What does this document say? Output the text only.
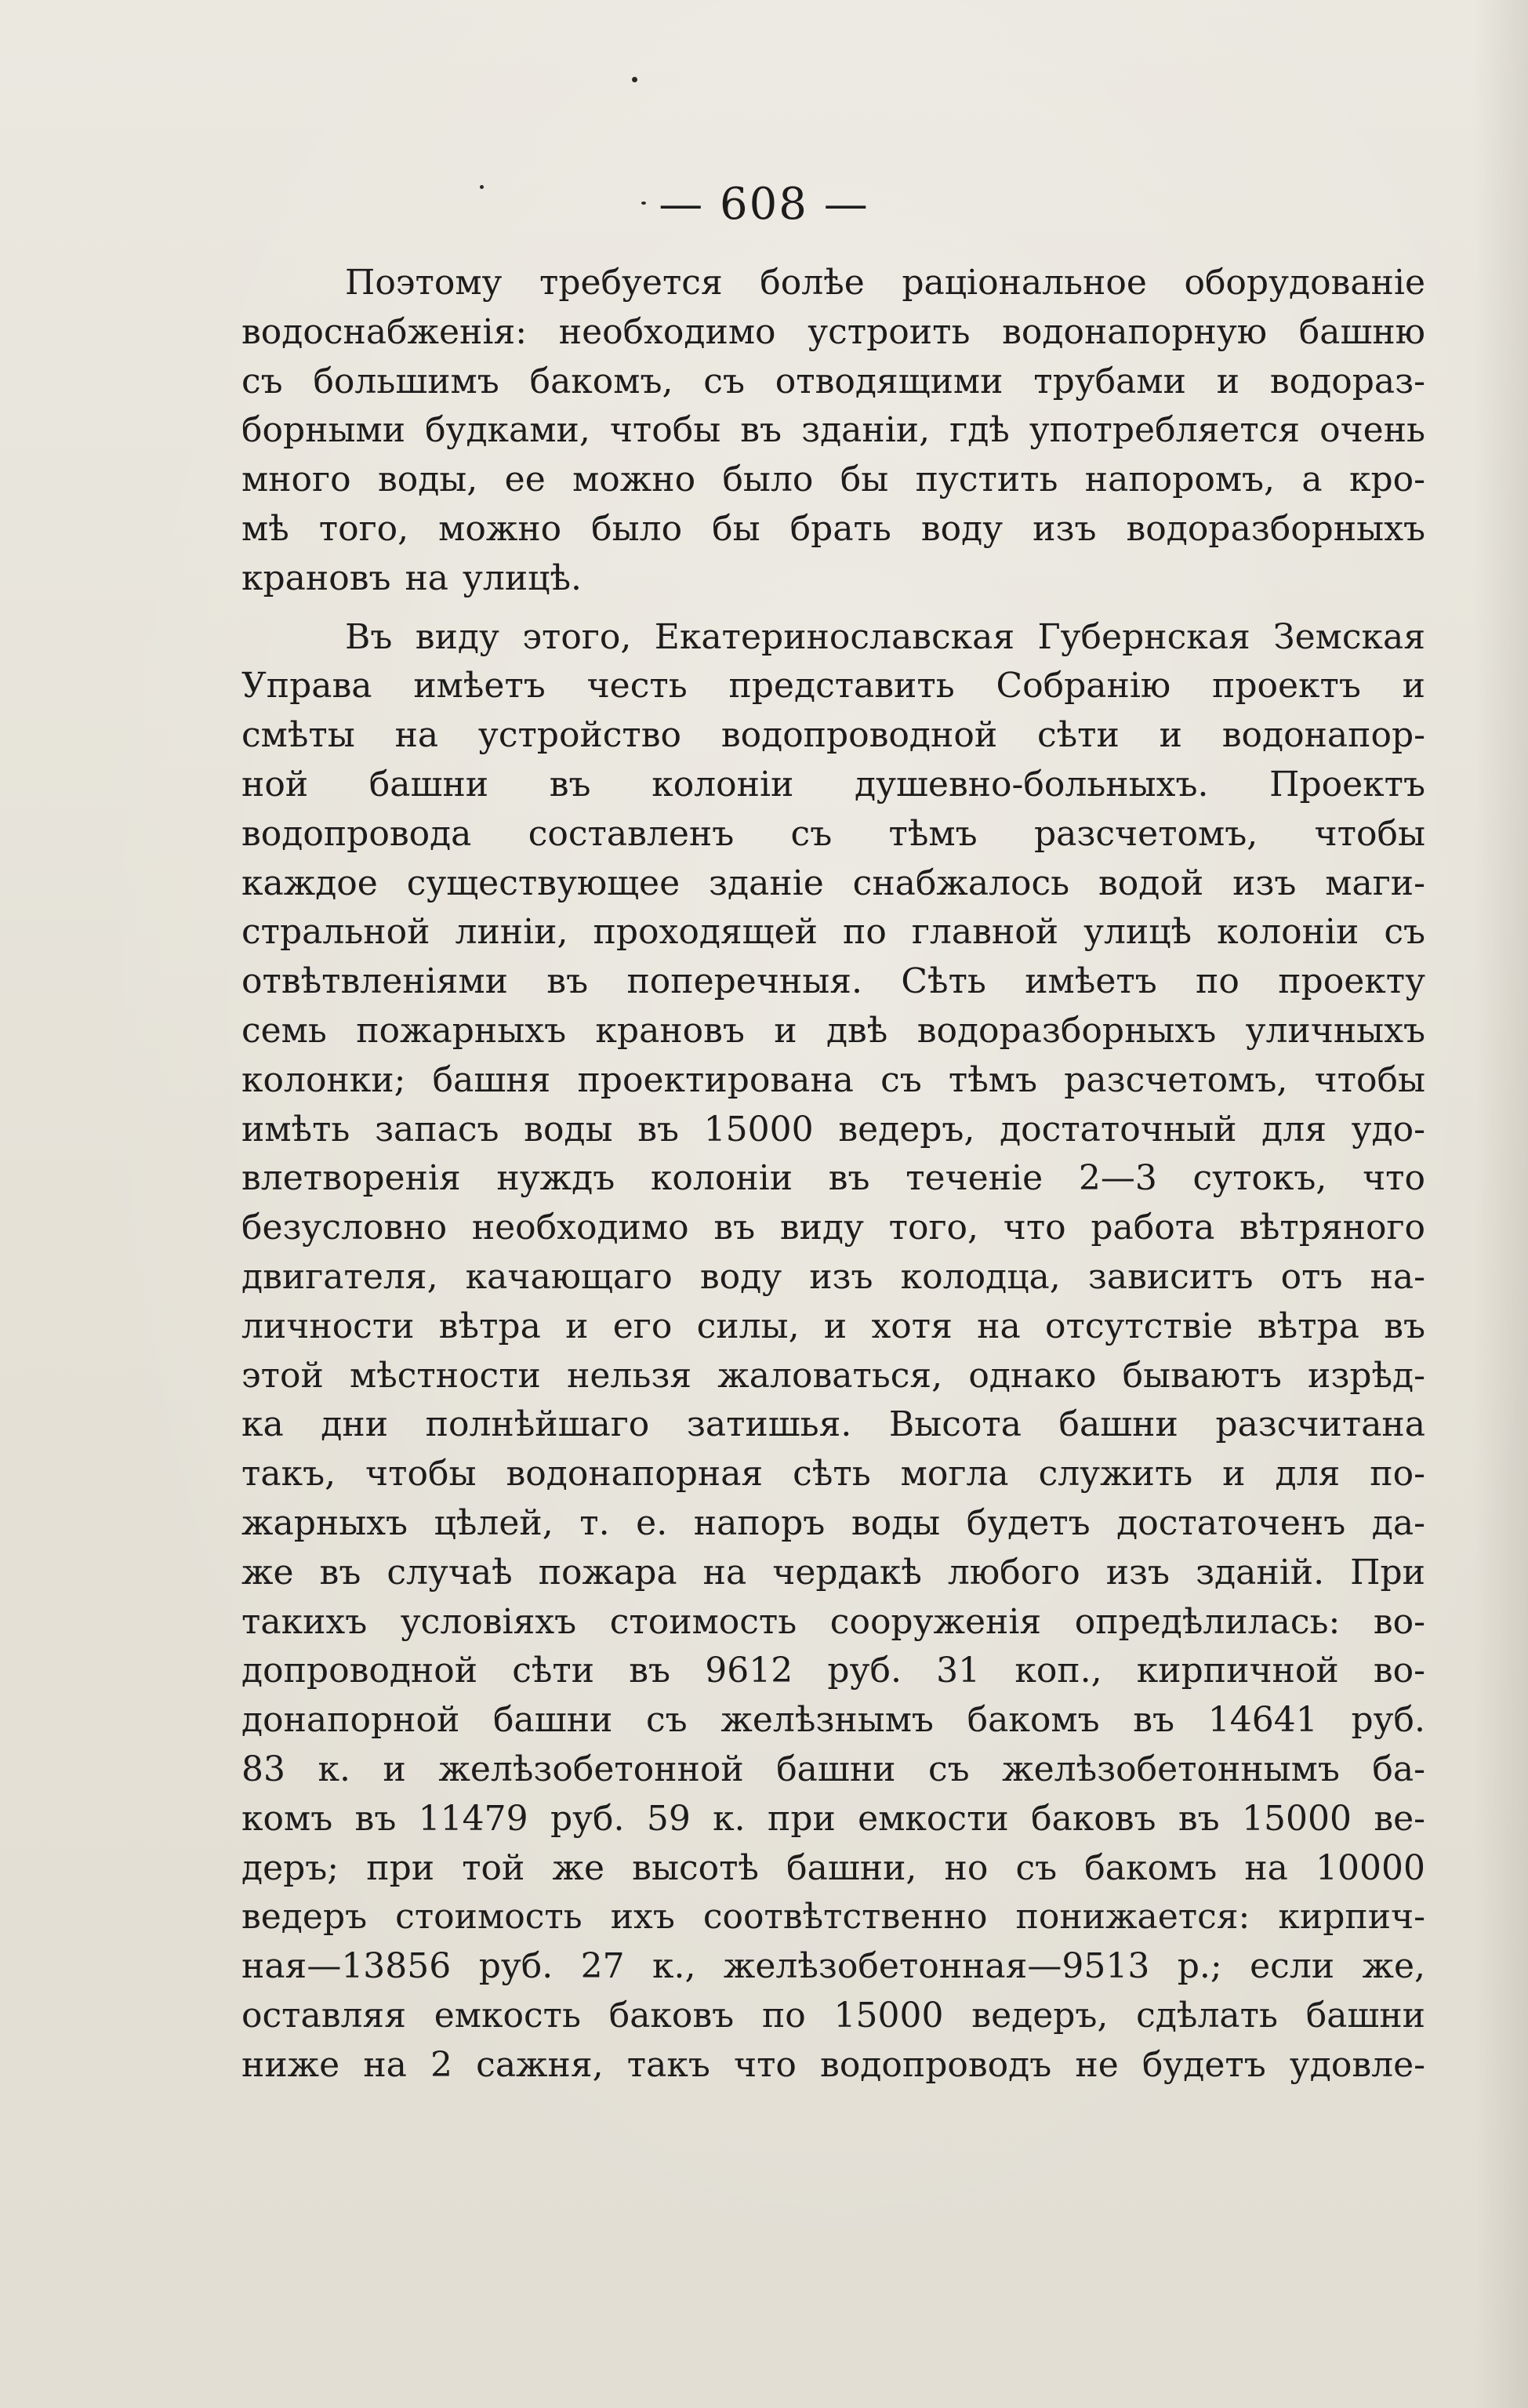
— 608 —

Поэтому требуется болѣе раціональное оборудованіе
водоснабженія: необходимо устроить водонапорную башню
съ большимъ бакомъ, съ отводящими трубами и водораз-
борными будками, чтобы въ зданіи, гдѣ употребляется очень
много воды, ее можно было бы пустить напоромъ, а кро-
мѣ того, можно было бы брать воду изъ водоразборныхъ
крановъ на улицѣ.

Въ виду этого, Екатеринославская Губернская Земская
Управа имѣетъ честь представить Собранію проектъ и
смѣты на устройство водопроводной сѣти и водонапор-
ной башни въ колоніи душевно-больныхъ. Проектъ
водопровода составленъ съ тѣмъ разсчетомъ, чтобы
каждое существующее зданіе снабжалось водой изъ маги-
стральной линіи, проходящей по главной улицѣ колоніи съ
отвѣтвленіями въ поперечныя. Сѣть имѣетъ по проекту
семь пожарныхъ крановъ и двѣ водоразборныхъ уличныхъ
колонки; башня проектирована съ тѣмъ разсчетомъ, чтобы
имѣть запасъ воды въ 15000 ведеръ, достаточный для удо-
влетворенія нуждъ колоніи въ теченіе 2—3 сутокъ, что
безусловно необходимо въ виду того, что работа вѣтряного
двигателя, качающаго воду изъ колодца, зависитъ отъ на-
личности вѣтра и его силы, и хотя на отсутствіе вѣтра въ
этой мѣстности нельзя жаловаться, однако бываютъ изрѣд-
ка дни полнѣйшаго затишья. Высота башни разсчитана
такъ, чтобы водонапорная сѣть могла служить и для по-
жарныхъ цѣлей, т. е. напоръ воды будетъ достаточенъ да-
же въ случаѣ пожара на чердакѣ любого изъ зданій. При
такихъ условіяхъ стоимость сооруженія опредѣлилась: во-
допроводной сѣти въ 9612 руб. 31 коп., кирпичной во-
донапорной башни съ желѣзнымъ бакомъ въ 14641 руб.
83 к. и желѣзобетонной башни съ желѣзобетоннымъ ба-
комъ въ 11479 руб. 59 к. при емкости баковъ въ 15000 ве-
деръ; при той же высотѣ башни, но съ бакомъ на 10000
ведеръ стоимость ихъ соотвѣтственно понижается: кирпич-
ная—13856 руб. 27 к., желѣзобетонная—9513 р.; если же,
оставляя емкость баковъ по 15000 ведеръ, сдѣлать башни
ниже на 2 сажня, такъ что водопроводъ не будетъ удовле-
